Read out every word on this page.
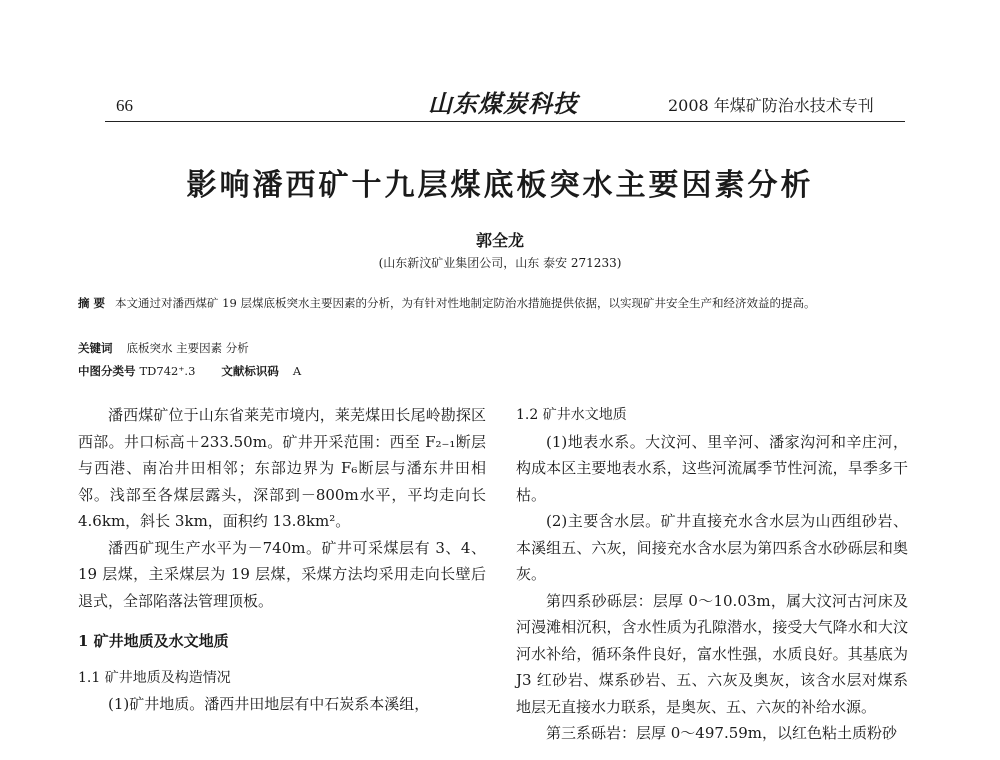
66	山东煤炭科技	2008 年煤矿防治水技术专刊
影响潘西矿十九层煤底板突水主要因素分析
郭全龙
(山东新汶矿业集团公司，山东 泰安 271233)
摘 要 本文通过对潘西煤矿 19 层煤底板突水主要因素的分析，为有针对性地制定防治水措施提供依据，以实现矿井安全生产和经济效益的提高。
关键词 底板突水 主要因素 分析
中图分类号 TD742⁺.3 文献标识码 A

潘西煤矿位于山东省莱芜市境内，莱芜煤田长尾岭勘探区西部。井口标高＋233.50m。矿井开采范围：西至 F₂₋₁断层与西港、南冶井田相邻；东部边界为 F₆断层与潘东井田相邻。浅部至各煤层露头，深部到－800m水平，平均走向长 4.6km，斜长 3km，面积约 13.8km²。

潘西矿现生产水平为－740m。矿井可采煤层有 3、4、19 层煤，主采煤层为 19 层煤，采煤方法均采用走向长壁后退式，全部陷落法管理顶板。

1 矿井地质及水文地质

1.1 矿井地质及构造情况

(1)矿井地质。潘西井田地层有中石炭系本溪组，

1.2 矿井水文地质

(1)地表水系。大汶河、里辛河、潘家沟河和辛庄河，构成本区主要地表水系，这些河流属季节性河流，旱季多干枯。

(2)主要含水层。矿井直接充水含水层为山西组砂岩、本溪组五、六灰，间接充水含水层为第四系含水砂砾层和奥灰。

第四系砂砾层：层厚 0～10.03m，属大汶河古河床及河漫滩相沉积，含水性质为孔隙潜水，接受大气降水和大汶河水补给，循环条件良好，富水性强，水质良好。其基底为 J3 红砂岩、煤系砂岩、五、六灰及奥灰，该含水层对煤系地层无直接水力联系，是奥灰、五、六灰的补给水源。

第三系砾岩：层厚 0～497.59m，以红色粘土质粉砂
